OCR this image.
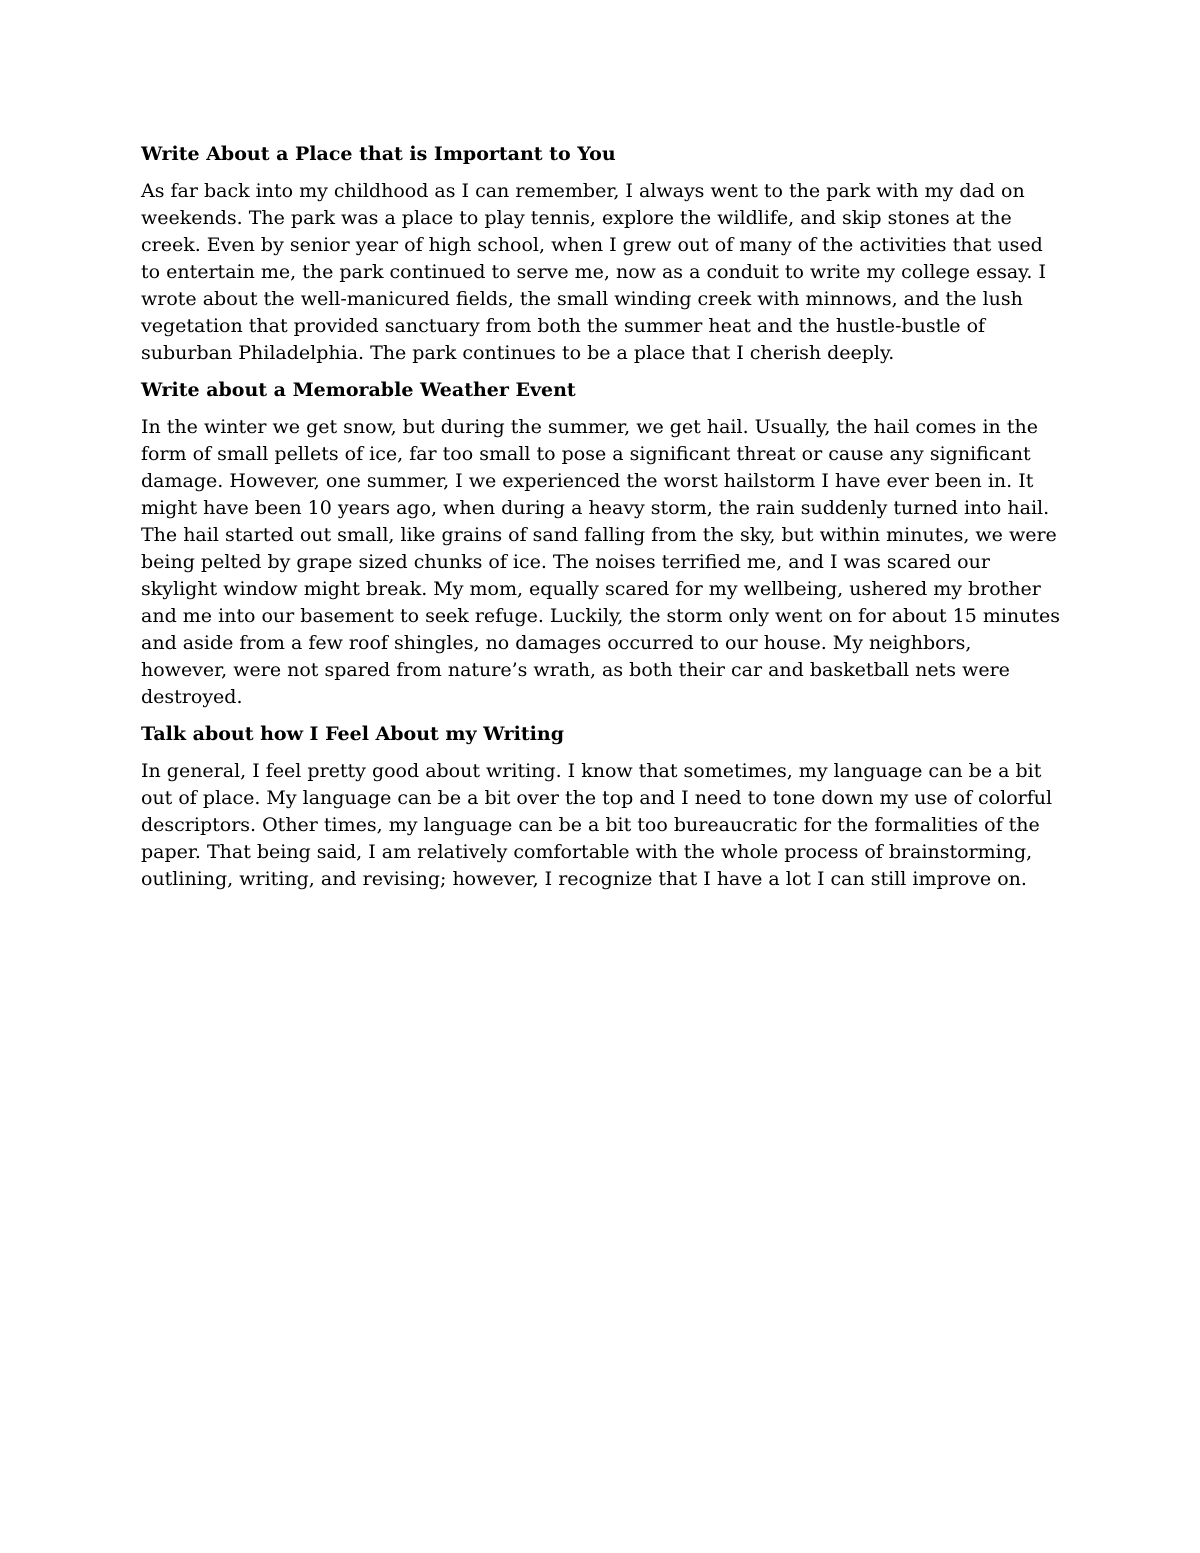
Write About a Place that is Important to You

As far back into my childhood as I can remember, I always went to the park with my dad on weekends. The park was a place to play tennis, explore the wildlife, and skip stones at the creek. Even by senior year of high school, when I grew out of many of the activities that used to entertain me, the park continued to serve me, now as a conduit to write my college essay. I wrote about the well-manicured fields, the small winding creek with minnows, and the lush vegetation that provided sanctuary from both the summer heat and the hustle-bustle of suburban Philadelphia. The park continues to be a place that I cherish deeply.

Write about a Memorable Weather Event

In the winter we get snow, but during the summer, we get hail. Usually, the hail comes in the form of small pellets of ice, far too small to pose a significant threat or cause any significant damage. However, one summer, I we experienced the worst hailstorm I have ever been in. It might have been 10 years ago, when during a heavy storm, the rain suddenly turned into hail. The hail started out small, like grains of sand falling from the sky, but within minutes, we were being pelted by grape sized chunks of ice. The noises terrified me, and I was scared our skylight window might break. My mom, equally scared for my wellbeing, ushered my brother and me into our basement to seek refuge. Luckily, the storm only went on for about 15 minutes and aside from a few roof shingles, no damages occurred to our house. My neighbors, however, were not spared from nature’s wrath, as both their car and basketball nets were destroyed.

Talk about how I Feel About my Writing

In general, I feel pretty good about writing. I know that sometimes, my language can be a bit out of place. My language can be a bit over the top and I need to tone down my use of colorful descriptors. Other times, my language can be a bit too bureaucratic for the formalities of the paper. That being said, I am relatively comfortable with the whole process of brainstorming, outlining, writing, and revising; however, I recognize that I have a lot I can still improve on.
